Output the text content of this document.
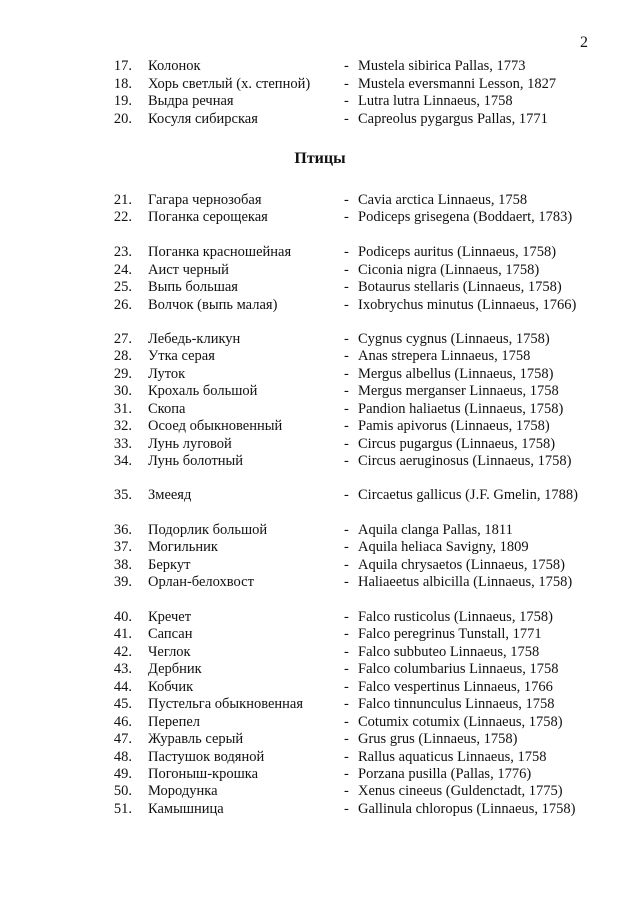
2
17. Колонок	- Mustela sibirica Pallas, 1773
18. Хорь светлый (х. степной) - Mustela eversmanni Lesson, 1827
19. Выдра речная	- Lutra lutra Linnaeus, 1758
20. Косуля сибирская	- Capreolus pygargus Pallas, 1771
Птицы
21. Гагара чернозобая	- Cavia arctica Linnaeus, 1758
22. Поганка серощекая	- Podiceps grisegena (Boddaert, 1783)
23. Поганка красношейная	- Podiceps auritus (Linnaeus, 1758)
24. Аист черный	- Ciconia nigra (Linnaeus, 1758)
25. Выпь большая	- Botaurus stellaris (Linnaeus, 1758)
26. Волчок (выпь малая)	- Ixobrychus minutus (Linnaeus, 1766)
27. Лебедь-кликун	- Cygnus cygnus (Linnaeus, 1758)
28. Утка серая	- Anas strepera Linnaeus, 1758
29. Луток	- Mergus albellus (Linnaeus, 1758)
30. Крохаль большой	- Mergus merganser Linnaeus, 1758
31. Скопа	- Pandion haliaetus (Linnaeus, 1758)
32. Осоед обыкновенный	- Pamis apivorus (Linnaeus, 1758)
33. Лунь луговой	- Circus pugargus (Linnaeus, 1758)
34. Лунь болотный	- Circus aeruginosus (Linnaeus, 1758)
35. Змееяд	- Circaetus gallicus (J.F. Gmelin, 1788)
36. Подорлик большой	- Aquila clanga Pallas, 1811
37. Могильник	- Aquila heliaca Savigny, 1809
38. Беркут	- Aquila chrysaetos (Linnaeus, 1758)
39. Орлан-белохвост	- Haliaeetus albicilla (Linnaeus, 1758)
40. Кречет	- Falco rusticolus (Linnaeus, 1758)
41. Сапсан	- Falco peregrinus Tunstall, 1771
42. Чеглок	- Falco subbuteo Linnaeus, 1758
43. Дербник	- Falco columbarius Linnaeus, 1758
44. Кобчик	- Falco vespertinus Linnaeus, 1766
45. Пустельга обыкновенная	- Falco tinnunculus Linnaeus, 1758
46. Перепел	- Cotumix cotumix (Linnaeus, 1758)
47. Журавль серый	- Grus grus (Linnaeus, 1758)
48. Пастушок водяной	- Rallus aquaticus Linnaeus, 1758
49. Погоныш-крошка	- Porzana pusilla (Pallas, 1776)
50. Мородунка	- Xenus cineeus (Guldenctadt, 1775)
51. Камышница	- Gallinula chloropus (Linnaeus, 1758)
